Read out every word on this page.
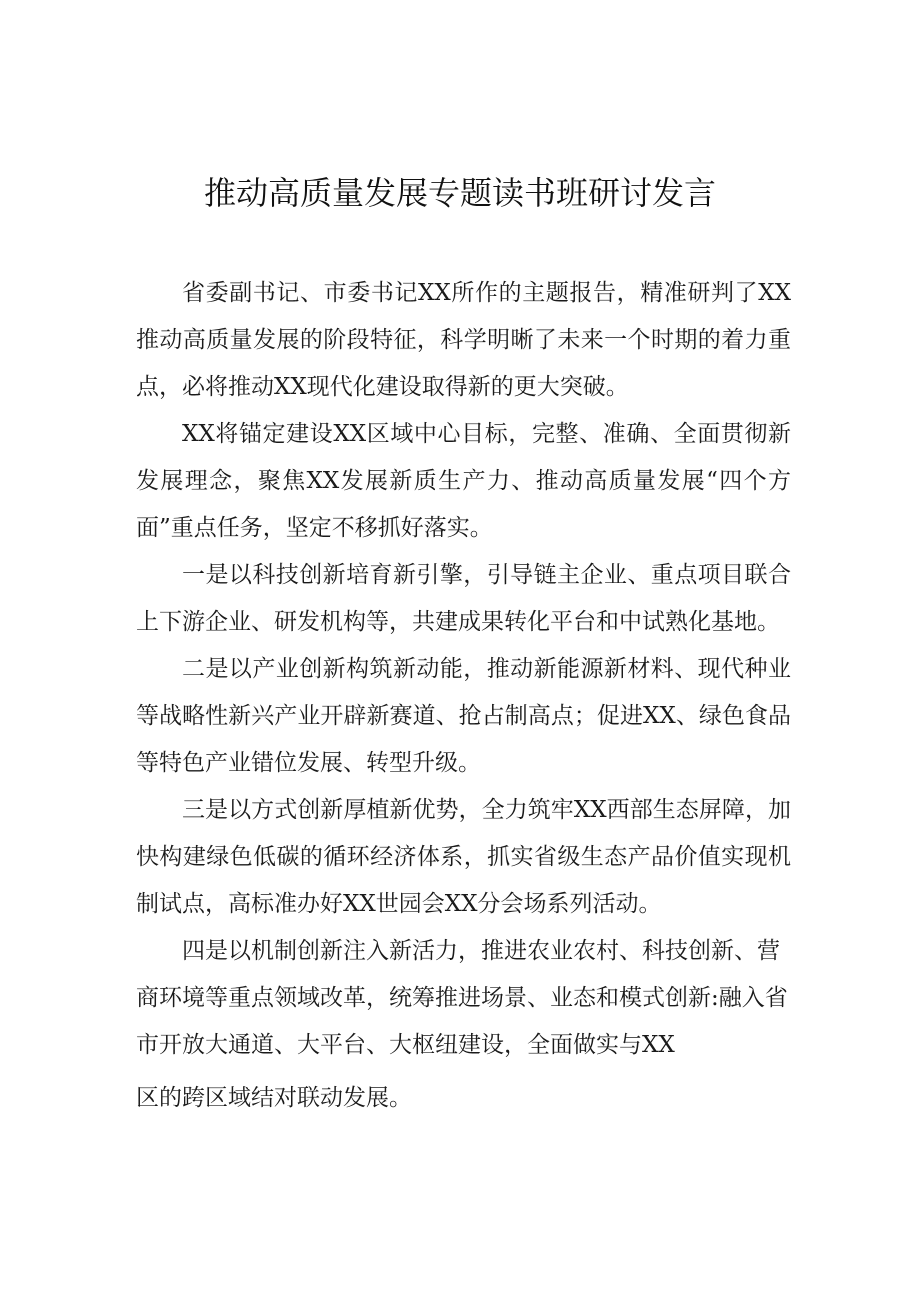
推动高质量发展专题读书班研讨发言

省委副书记、市委书记XX所作的主题报告，精准研判了XX推动高质量发展的阶段特征，科学明晰了未来一个时期的着力重点，必将推动XX现代化建设取得新的更大突破。

XX将锚定建设XX区域中心目标，完整、准确、全面贯彻新发展理念，聚焦XX发展新质生产力、推动高质量发展“四个方面”重点任务，坚定不移抓好落实。

一是以科技创新培育新引擎，引导链主企业、重点项目联合上下游企业、研发机构等，共建成果转化平台和中试熟化基地。

二是以产业创新构筑新动能，推动新能源新材料、现代种业等战略性新兴产业开辟新赛道、抢占制高点；促进XX、绿色食品等特色产业错位发展、转型升级。

三是以方式创新厚植新优势，全力筑牢XX西部生态屏障，加快构建绿色低碳的循环经济体系，抓实省级生态产品价值实现机制试点，高标准办好XX世园会XX分会场系列活动。

四是以机制创新注入新活力，推进农业农村、科技创新、营商环境等重点领域改革，统筹推进场景、业态和模式创新:融入省市开放大通道、大平台、大枢纽建设，全面做实与XX

区的跨区域结对联动发展。
